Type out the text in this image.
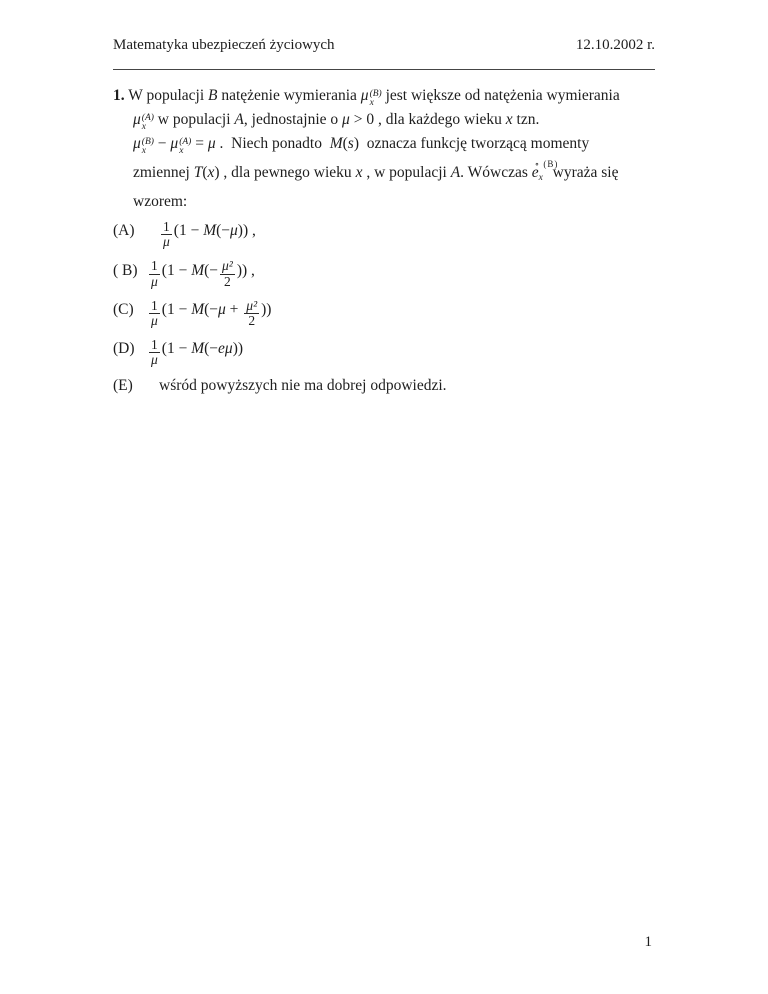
Matematyka ubezpieczeń życiowych	12.10.2002 r.
1. W populacji B natężenie wymierania μ (B)
x jest większe od natężenia wymierania
μ (A)
x w populacji A, jednostajnie o μ > 0 , dla każdego wieku x tzn.
μ (B)
x − μ (A)
x = μ .  Niech ponadto  M(s)  oznacza funkcję tworzącą momenty
zmiennej T(x) , dla pewnego wieku x , w populacji A. Wówczas ∘ (B)
ex  wyraża się
wzorem:
$(A) \frac{1}{\mu} (1 - M(-\mu))$ ,
( $B) \frac{1}{\mu} (1 - M(- \frac{\text{μ²}}{2}$ )) ,
$(C) \frac{1}{\mu} (1 - M(-\mu + \frac{\text{μ²}}{2}$ ))
$(D) \frac{1}{\mu} (1 - M(-e\mu))$
(E) wśród powyższych nie ma dobrej odpowiedzi.
1
